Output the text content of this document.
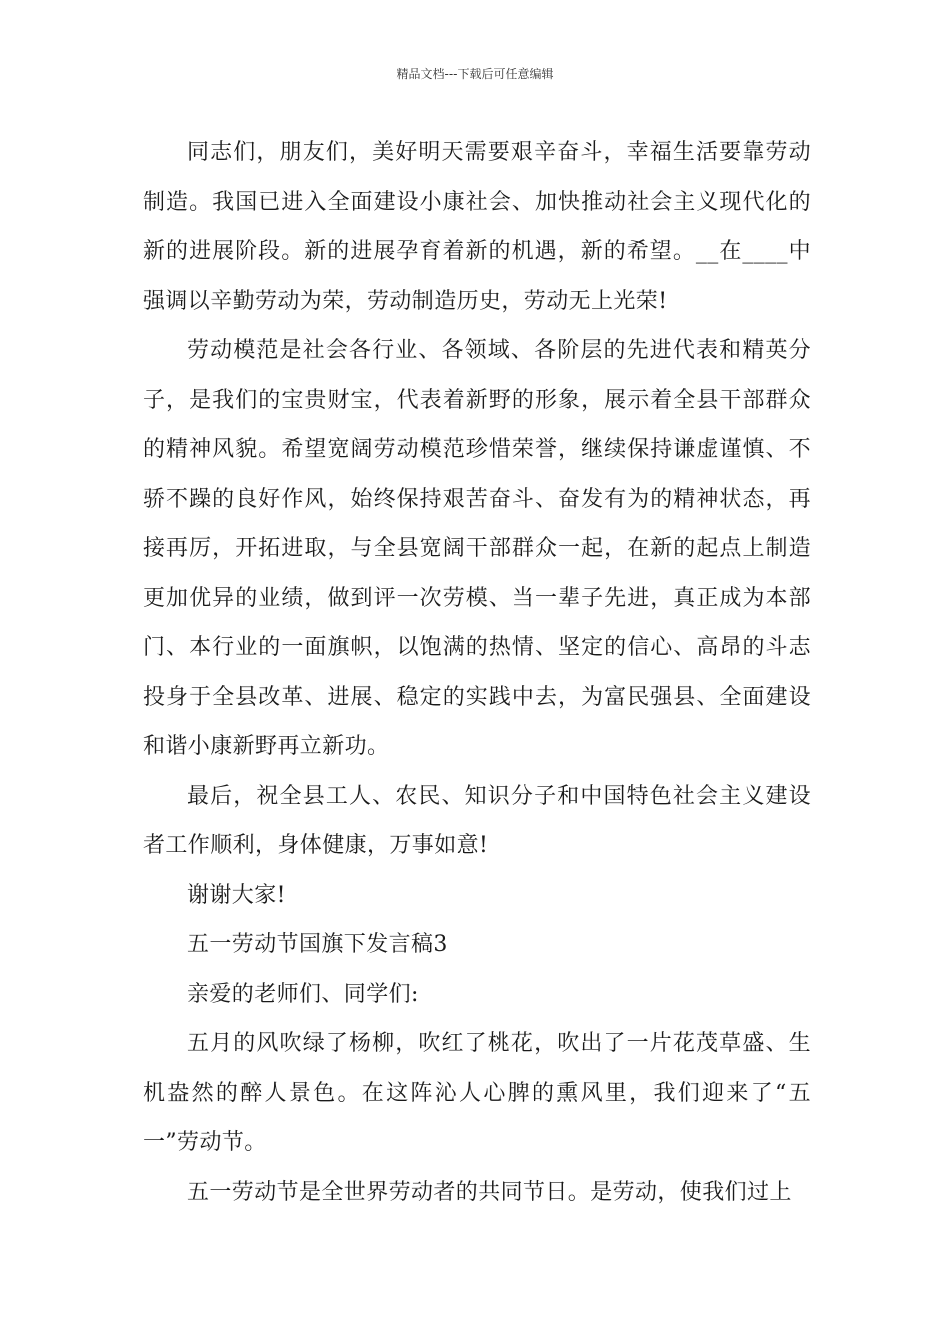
精品文档---下载后可任意编辑

同志们，朋友们，美好明天需要艰辛奋斗，幸福生活要靠劳动制造。我国已进入全面建设小康社会、加快推动社会主义现代化的新的进展阶段。新的进展孕育着新的机遇，新的希望。__在____中强调以辛勤劳动为荣，劳动制造历史，劳动无上光荣!

劳动模范是社会各行业、各领域、各阶层的先进代表和精英分子，是我们的宝贵财宝，代表着新野的形象，展示着全县干部群众的精神风貌。希望宽阔劳动模范珍惜荣誉，继续保持谦虚谨慎、不骄不躁的良好作风，始终保持艰苦奋斗、奋发有为的精神状态，再接再厉，开拓进取，与全县宽阔干部群众一起，在新的起点上制造更加优异的业绩，做到评一次劳模、当一辈子先进，真正成为本部门、本行业的一面旗帜，以饱满的热情、坚定的信心、高昂的斗志投身于全县改革、进展、稳定的实践中去，为富民强县、全面建设和谐小康新野再立新功。

最后，祝全县工人、农民、知识分子和中国特色社会主义建设者工作顺利，身体健康，万事如意!

谢谢大家!

五一劳动节国旗下发言稿3

亲爱的老师们、同学们:

五月的风吹绿了杨柳，吹红了桃花，吹出了一片花茂草盛、生机盎然的醉人景色。在这阵沁人心脾的熏风里，我们迎来了“五一”劳动节。

五一劳动节是全世界劳动者的共同节日。是劳动，使我们过上
